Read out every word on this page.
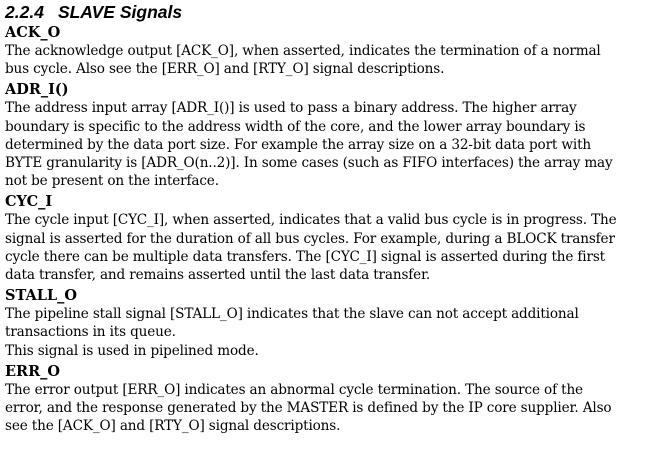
2.2.4 SLAVE Signals
ACK_O
The acknowledge output [ACK_O], when asserted, indicates the termination of a normal
bus cycle. Also see the [ERR_O] and [RTY_O] signal descriptions.
ADR_I()
The address input array [ADR_I()] is used to pass a binary address. The higher array
boundary is specific to the address width of the core, and the lower array boundary is
determined by the data port size. For example the array size on a 32-bit data port with
BYTE granularity is [ADR_O(n..2)]. In some cases (such as FIFO interfaces) the array may
not be present on the interface.
CYC_I
The cycle input [CYC_I], when asserted, indicates that a valid bus cycle is in progress. The
signal is asserted for the duration of all bus cycles. For example, during a BLOCK transfer
cycle there can be multiple data transfers. The [CYC_I] signal is asserted during the first
data transfer, and remains asserted until the last data transfer.
STALL_O
The pipeline stall signal [STALL_O] indicates that the slave can not accept additional
transactions in its queue.
This signal is used in pipelined mode.
ERR_O
The error output [ERR_O] indicates an abnormal cycle termination. The source of the
error, and the response generated by the MASTER is defined by the IP core supplier. Also
see the [ACK_O] and [RTY_O] signal descriptions.
